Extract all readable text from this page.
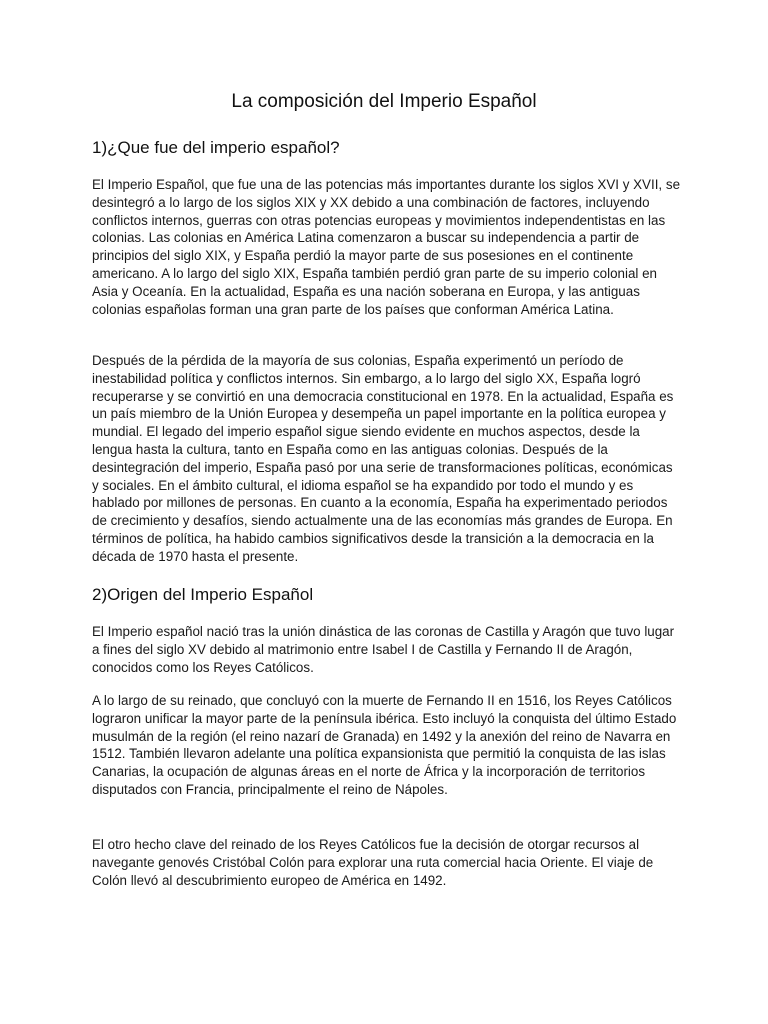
La composición del Imperio Español
1)¿Que fue del imperio español?

El Imperio Español, que fue una de las potencias más importantes durante los siglos XVI y XVII, se desintegró a lo largo de los siglos XIX y XX debido a una combinación de factores, incluyendo conflictos internos, guerras con otras potencias europeas y movimientos independentistas en las colonias. Las colonias en América Latina comenzaron a buscar su independencia a partir de principios del siglo XIX, y España perdió la mayor parte de sus posesiones en el continente americano. A lo largo del siglo XIX, España también perdió gran parte de su imperio colonial en Asia y Oceanía. En la actualidad, España es una nación soberana en Europa, y las antiguas colonias españolas forman una gran parte de los países que conforman América Latina.

Después de la pérdida de la mayoría de sus colonias, España experimentó un período de inestabilidad política y conflictos internos. Sin embargo, a lo largo del siglo XX, España logró recuperarse y se convirtió en una democracia constitucional en 1978. En la actualidad, España es un país miembro de la Unión Europea y desempeña un papel importante en la política europea y mundial. El legado del imperio español sigue siendo evidente en muchos aspectos, desde la lengua hasta la cultura, tanto en España como en las antiguas colonias. Después de la desintegración del imperio, España pasó por una serie de transformaciones políticas, económicas y sociales. En el ámbito cultural, el idioma español se ha expandido por todo el mundo y es hablado por millones de personas. En cuanto a la economía, España ha experimentado periodos de crecimiento y desafíos, siendo actualmente una de las economías más grandes de Europa. En términos de política, ha habido cambios significativos desde la transición a la democracia en la década de 1970 hasta el presente.

2)Origen del Imperio Español

El Imperio español nació tras la unión dinástica de las coronas de Castilla y Aragón que tuvo lugar a fines del siglo XV debido al matrimonio entre Isabel I de Castilla y Fernando II de Aragón, conocidos como los Reyes Católicos.

A lo largo de su reinado, que concluyó con la muerte de Fernando II en 1516, los Reyes Católicos lograron unificar la mayor parte de la península ibérica. Esto incluyó la conquista del último Estado musulmán de la región (el reino nazarí de Granada) en 1492 y la anexión del reino de Navarra en 1512. También llevaron adelante una política expansionista que permitió la conquista de las islas Canarias, la ocupación de algunas áreas en el norte de África y la incorporación de territorios disputados con Francia, principalmente el reino de Nápoles.

El otro hecho clave del reinado de los Reyes Católicos fue la decisión de otorgar recursos al navegante genovés Cristóbal Colón para explorar una ruta comercial hacia Oriente. El viaje de Colón llevó al descubrimiento europeo de América en 1492.
